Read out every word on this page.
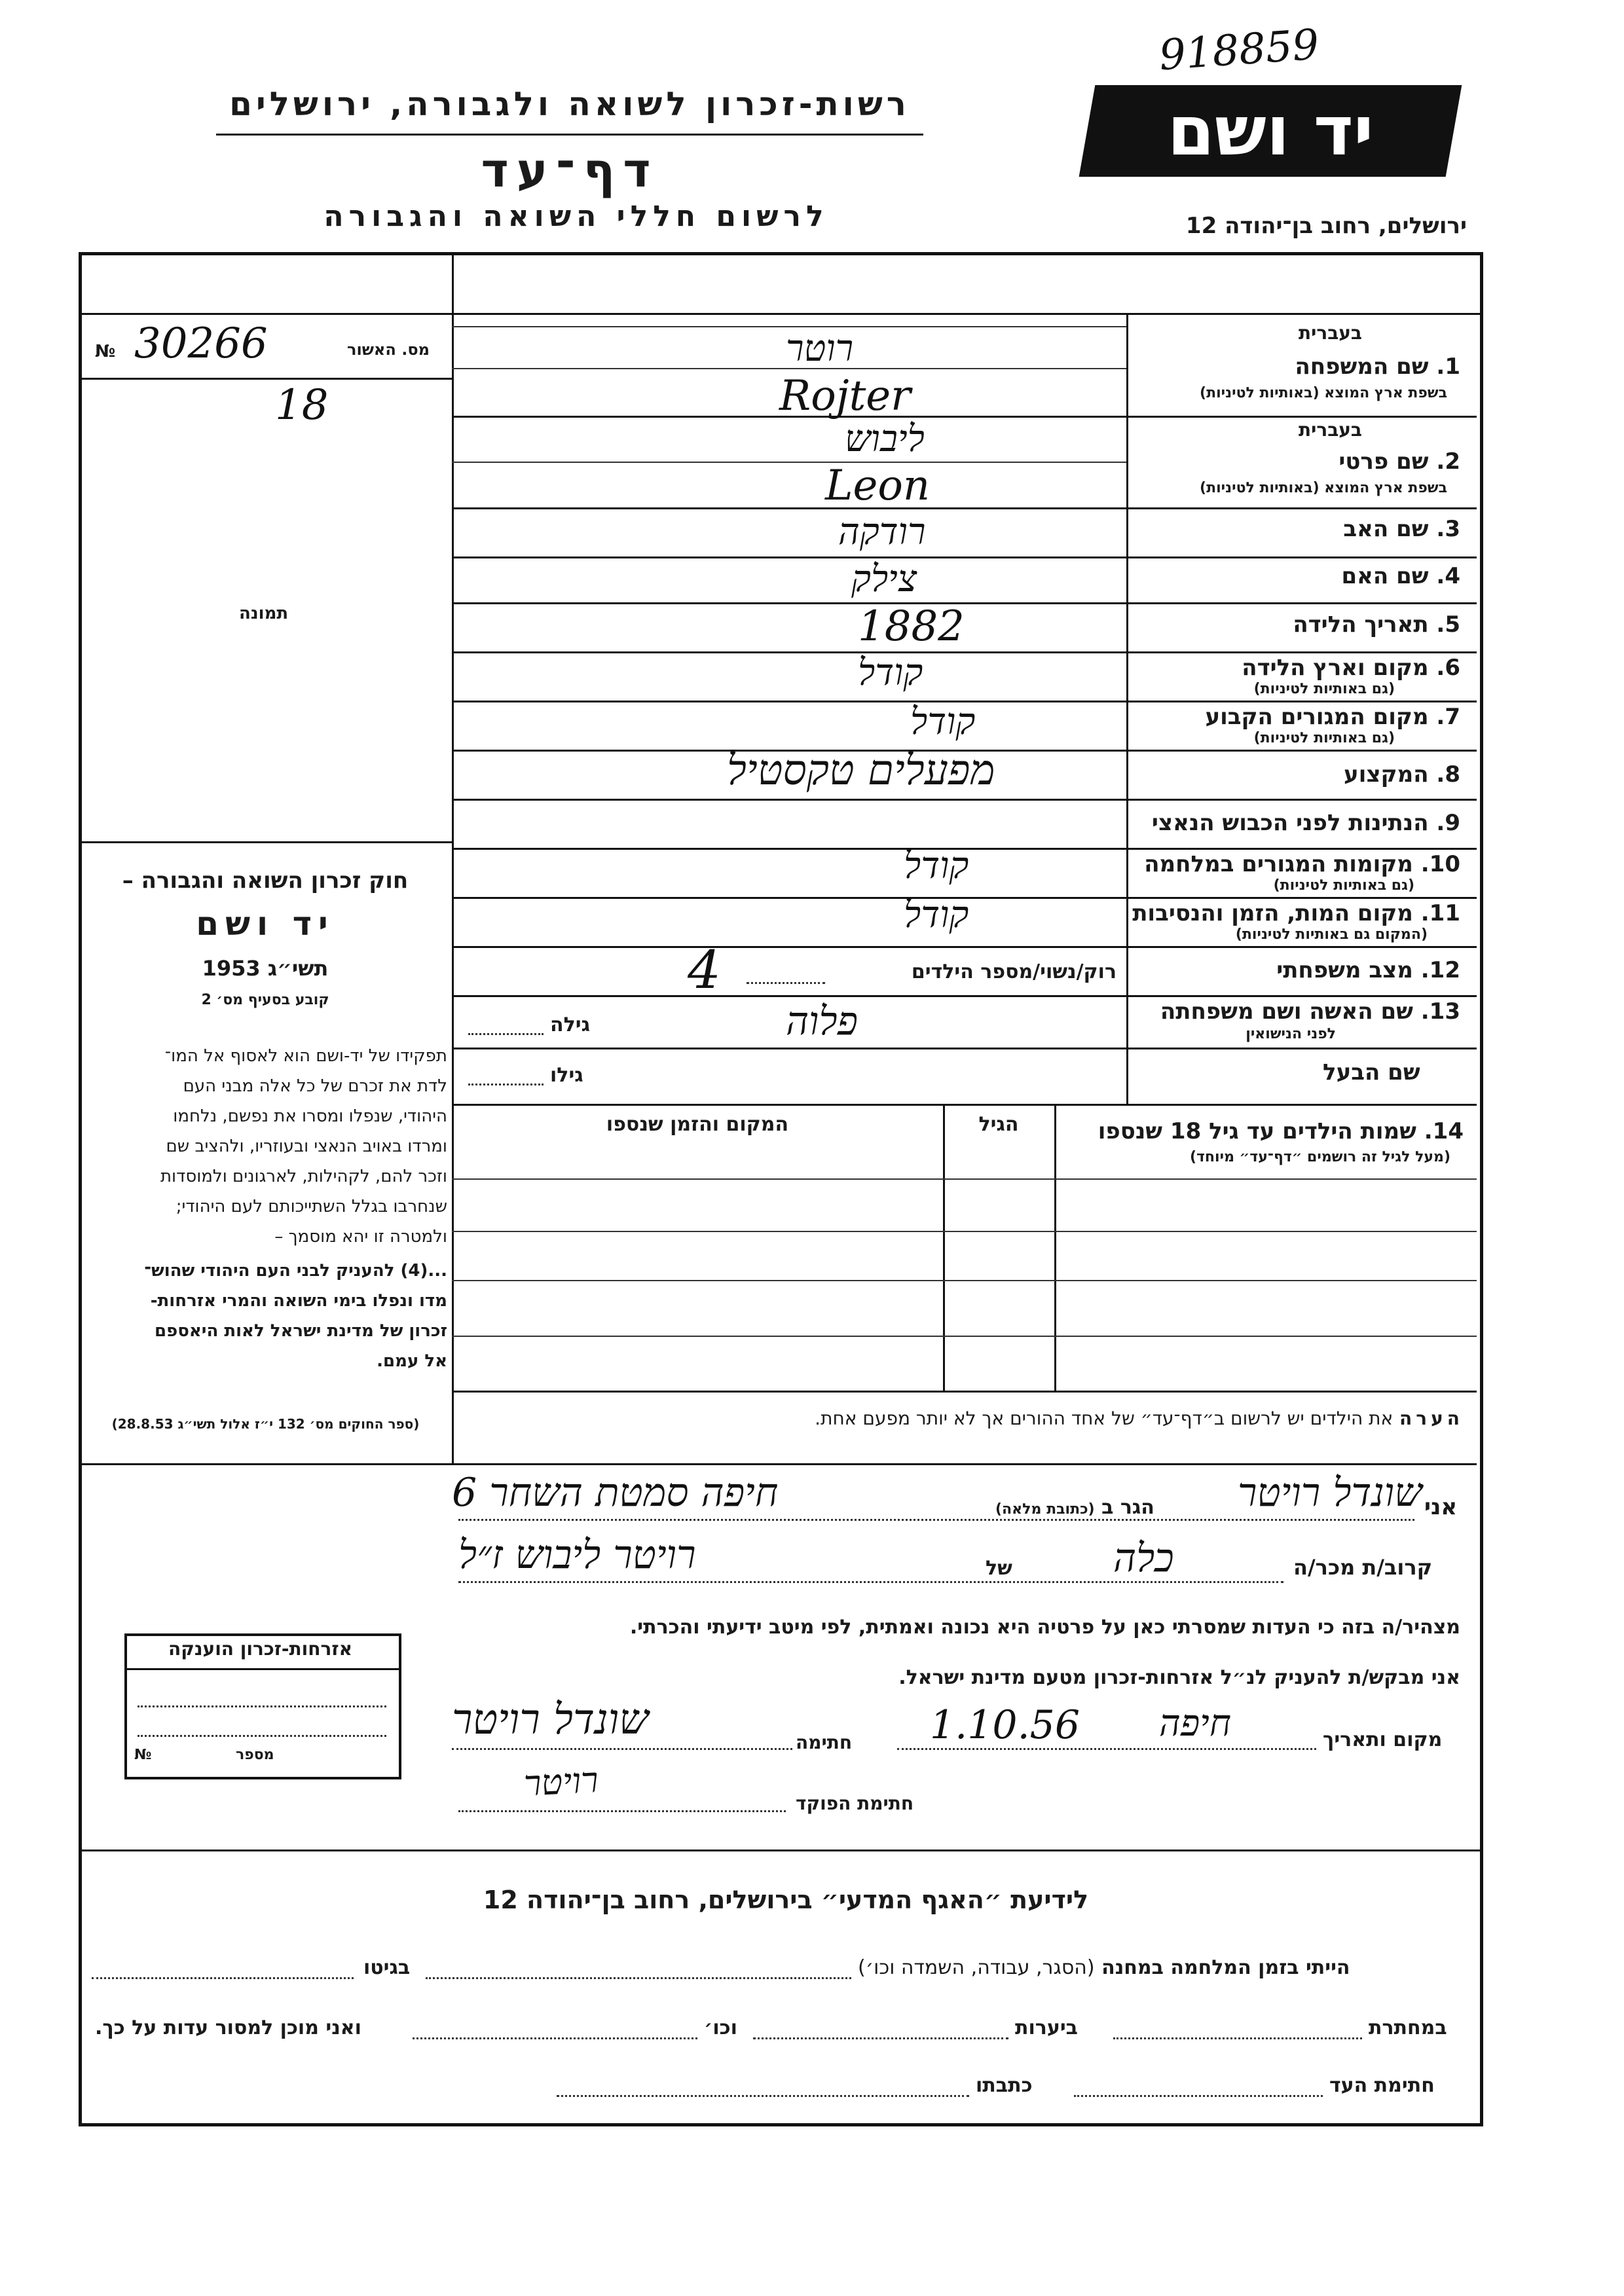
918859
יד ושם
רשות-זכרון לשואה ולגבורה, ירושלים
דף־עד
לרשום חללי השואה והגבורה	ירושלים, רחוב בן־יהודה 12
מס. האשור
30266
№
18
תמונה
חוק זכרון השואה והגבורה –
יד ושם
תשי״ג 1953
קובע בסעיף מס׳ 2
תפקידו של יד-ושם הוא לאסוף אל המו־
לדת את זכרם של כל אלה מבני העם
היהודי, שנפלו ומסרו את נפשם, נלחמו
ומרדו באויב הנאצי ובעוזריו, ולהציב שם
וזכר להם, לקהילות, לארגונים ולמוסדות
שנחרבו בגלל השתייכותם לעם היהודי;
ולמטרה זו יהא מוסמך –
...(4) להעניק לבני העם היהודי שהוש־
מדו ונפלו בימי השואה והמרי אזרחות-
זכרון של מדינת ישראל לאות היאספם
אל עמם.
(ספר החוקים מס׳ 132 י״ז אלול תשי״ג 28.8.53)
בעברית
1. שם המשפחה
בשפת ארץ המוצא (באותיות לטיניות)
רוטר
Rojter
בעברית
2. שם פרטי
בשפת ארץ המוצא (באותיות לטיניות)
ליבוש
Leon
3. שם האב
רודקה
4. שם האם
צילק
5. תאריך הלידה
1882
6. מקום וארץ הלידה
(גם באותיות לטיניות)
קודל
7. מקום המגורים הקבוע
(גם באותיות לטיניות)
קודל
8. המקצוע
מפעלים טקסטיל
9. הנתינות לפני הכבוש הנאצי
10. מקומות המגורים במלחמה
(גם באותיות לטיניות)
קודל
11. מקום המות, הזמן והנסיבות
(המקום גם באותיות לטיניות)
קודל
12. מצב משפחתי
רוק/נשוי/מספר הילדים
4
13. שם האשה ושם משפחתה
לפני הנישואין
פלוה
גילה
שם הבעל
גילו
14. שמות הילדים עד גיל 18 שנספו
(מעל לגיל זה רושמים ״דף־עד״ מיוחד)
הגיל
המקום והזמן שנספו
הערה את הילדים יש לרשום ב״דף־עד״ של אחד ההורים אך לא יותר מפעם אחת.
אני
שונדל רויטר
הגר ב (כתובת מלאה)
חיפה סמטת השחר 6
קרוב/ת מכר/ה
כלה
של
רויטר ליבוש ז״ל
מצהיר/ה בזה כי העדות שמסרתי כאן על פרטיה היא נכונה ואמתית, לפי מיטב ידיעתי והכרתי.
אני מבקש/ת להעניק לנ״ל אזרחות-זכרון מטעם מדינת ישראל.
מקום ותאריך
חיפה
1.10.56
חתימה
שונדל רויטר
חתימת הפוקד
רויטר
אזרחות-זכרון הוענקה
מספר
№
לידיעת ״האגף המדעי״ בירושלים, רחוב בן־יהודה 12
הייתי בזמן המלחמה במחנה (הסגר, עבודה, השמדה וכו׳)
בגיטו
במחתרת
ביערות
וכו׳
ואני מוכן למסור עדות על כך.
חתימת העד
כתבתו
